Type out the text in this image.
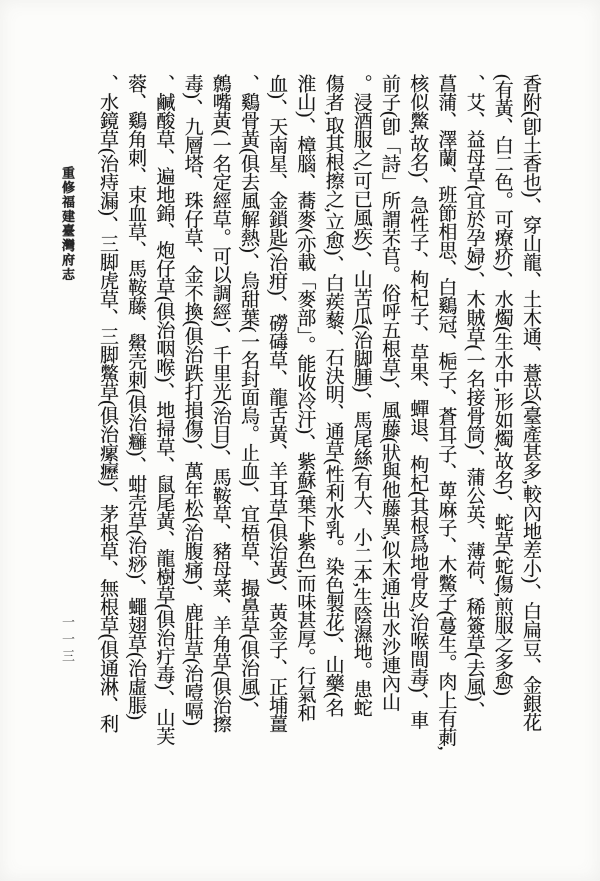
香附(卽土香也)、穿山龍、土木通、薏苡(臺產甚多,較內地差小)、白扁豆、金銀花
(有黃、白二色。可療疥)、水燭(生水中,形如燭,故名)、蛇草(蛇傷,煎服之多愈)
、艾、益母草(宜於孕婦)、木賊草(一名接骨筒)、蒲公英、薄荷、稀簽草(去風)、
菖蒲、澤蘭、班節相思、白鷄冠、梔子、蒼耳子、萆麻子、木鱉子(蔓生。肉上有莿,
核似鱉,故名)、急性子、枸杞子、草果、蟬退、枸杞(其根爲地骨皮,治喉間毒)、車
前子(卽「詩」所謂芣苢。俗呼五根草)、風藤(狀與他藤異,似木通;出水沙連內山
。浸酒服之,可已風疾)、山苦瓜(治脚腫)、馬尾絲(有大、小二本,生陰濕地。患蛇
傷者,取其根擦之,立愈)、白蒺藜、石決明、通草(性利水乳。染色製花)、山藥(名
淮山)、樟腦、蕎麥(亦載「麥部」。能收冷汗)、紫蘇(葉下紫色,而味甚厚。行氣和
血)、天南星、金鎖匙(治疳)、磱碡草、龍舌黃、羊耳草(俱治黃)、黃金子、正埔薑
、鷄骨黃(俱去風解熱)、烏甜葉(一名封面烏。止血)、宜梧草、撮鼻草(俱治風)、
鷯嘴黃(一名定經草。可以調經)、千里光(治目)、馬鞍草、豬母菜、羊角草(俱治擦
毒)、九層塔、珠仔草、金不換(俱治跌打損傷)、萬年松(治腹痛)、鹿肚草(治噎嗝)
、鹹酸草、遍地錦、炮仔草(俱治咽喉)、地掃草、鼠尾黃、龍樹草(俱治疔毒)、山芙
蓉、鷄角刺、束血草、馬鞍藤、鱟壳刺(俱治癰)、蚶壳草(治痧)、蠅翅草(治虛脹)
、水鏡草(治痔漏)、三脚虎草、三脚鱉草(俱治瘰癧)、茅根草、無根草(俱通淋、利
重修福建臺灣府志
一一三
